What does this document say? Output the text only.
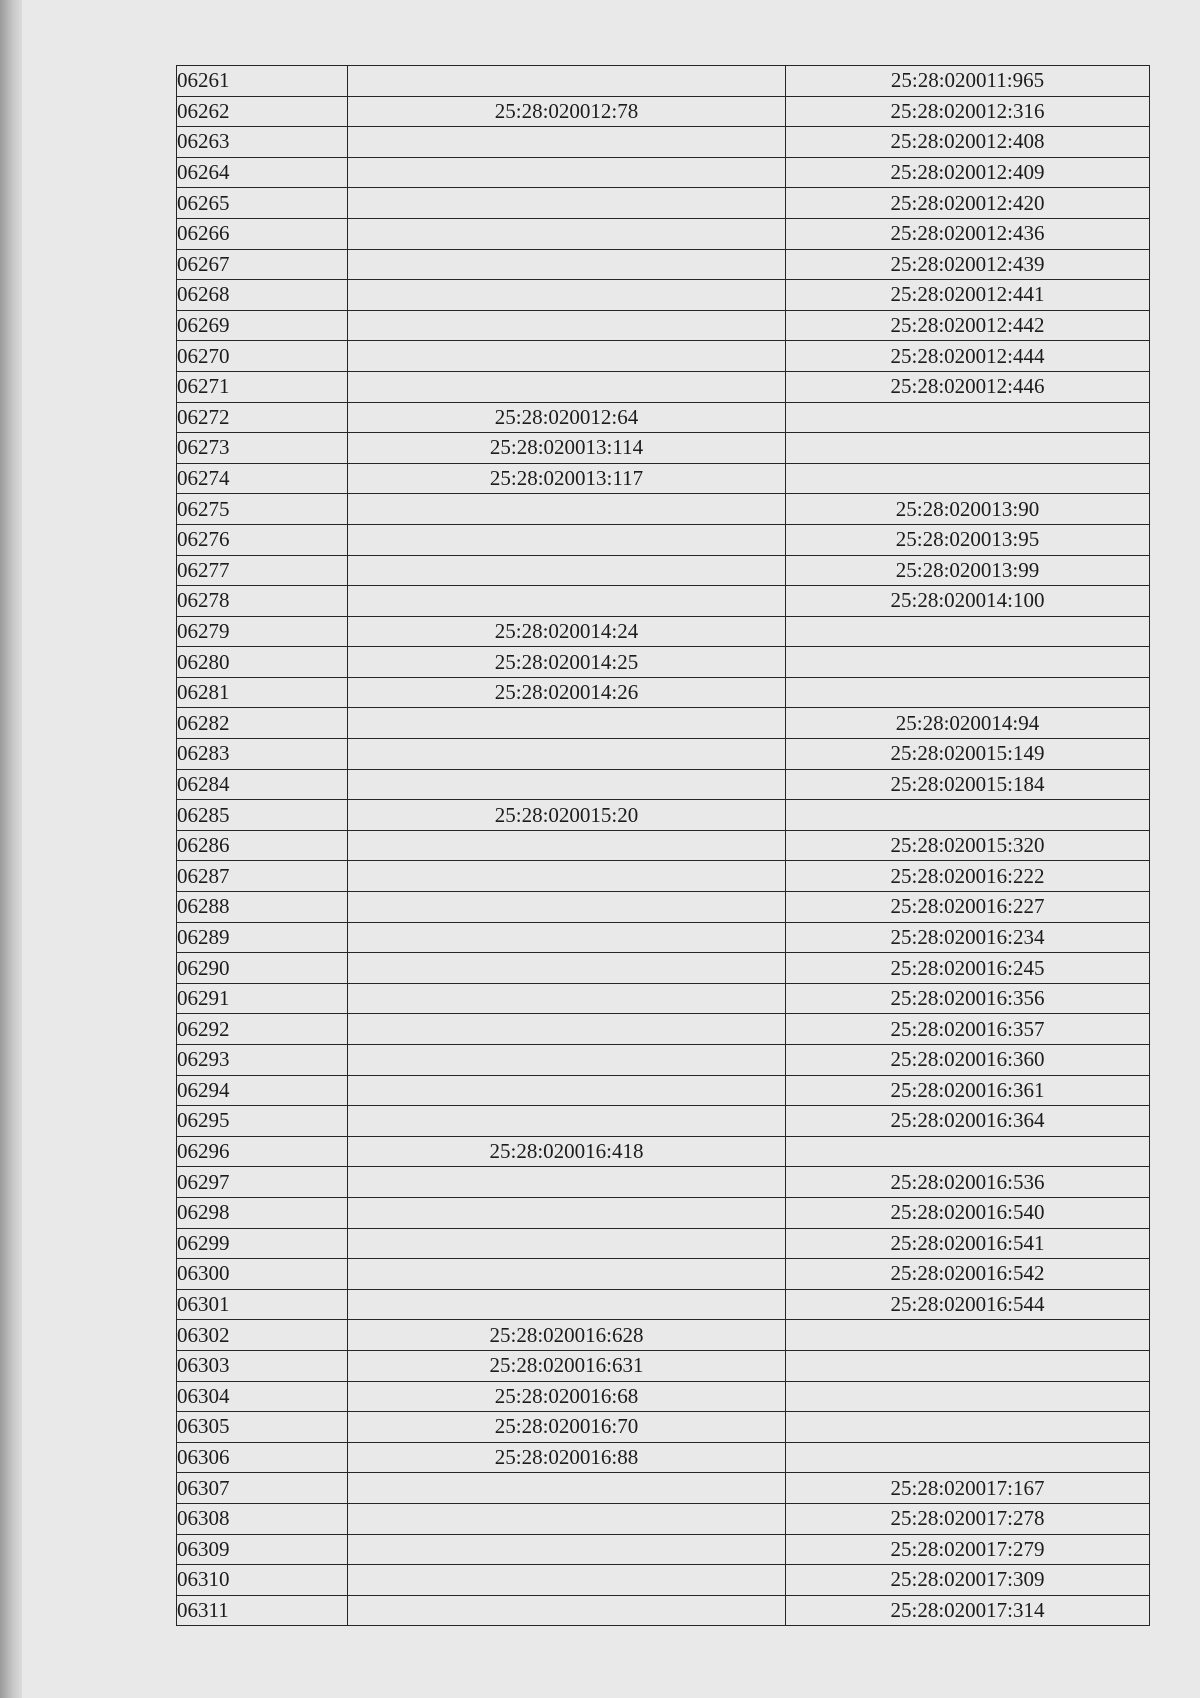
06261		25:28:020011:965
06262	25:28:020012:78	25:28:020012:316
06263		25:28:020012:408
06264		25:28:020012:409
06265		25:28:020012:420
06266		25:28:020012:436
06267		25:28:020012:439
06268		25:28:020012:441
06269		25:28:020012:442
06270		25:28:020012:444
06271		25:28:020012:446
06272	25:28:020012:64	
06273	25:28:020013:114	
06274	25:28:020013:117	
06275		25:28:020013:90
06276		25:28:020013:95
06277		25:28:020013:99
06278		25:28:020014:100
06279	25:28:020014:24	
06280	25:28:020014:25	
06281	25:28:020014:26	
06282		25:28:020014:94
06283		25:28:020015:149
06284		25:28:020015:184
06285	25:28:020015:20	
06286		25:28:020015:320
06287		25:28:020016:222
06288		25:28:020016:227
06289		25:28:020016:234
06290		25:28:020016:245
06291		25:28:020016:356
06292		25:28:020016:357
06293		25:28:020016:360
06294		25:28:020016:361
06295		25:28:020016:364
06296	25:28:020016:418	
06297		25:28:020016:536
06298		25:28:020016:540
06299		25:28:020016:541
06300		25:28:020016:542
06301		25:28:020016:544
06302	25:28:020016:628	
06303	25:28:020016:631	
06304	25:28:020016:68	
06305	25:28:020016:70	
06306	25:28:020016:88	
06307		25:28:020017:167
06308		25:28:020017:278
06309		25:28:020017:279
06310		25:28:020017:309
06311		25:28:020017:314
